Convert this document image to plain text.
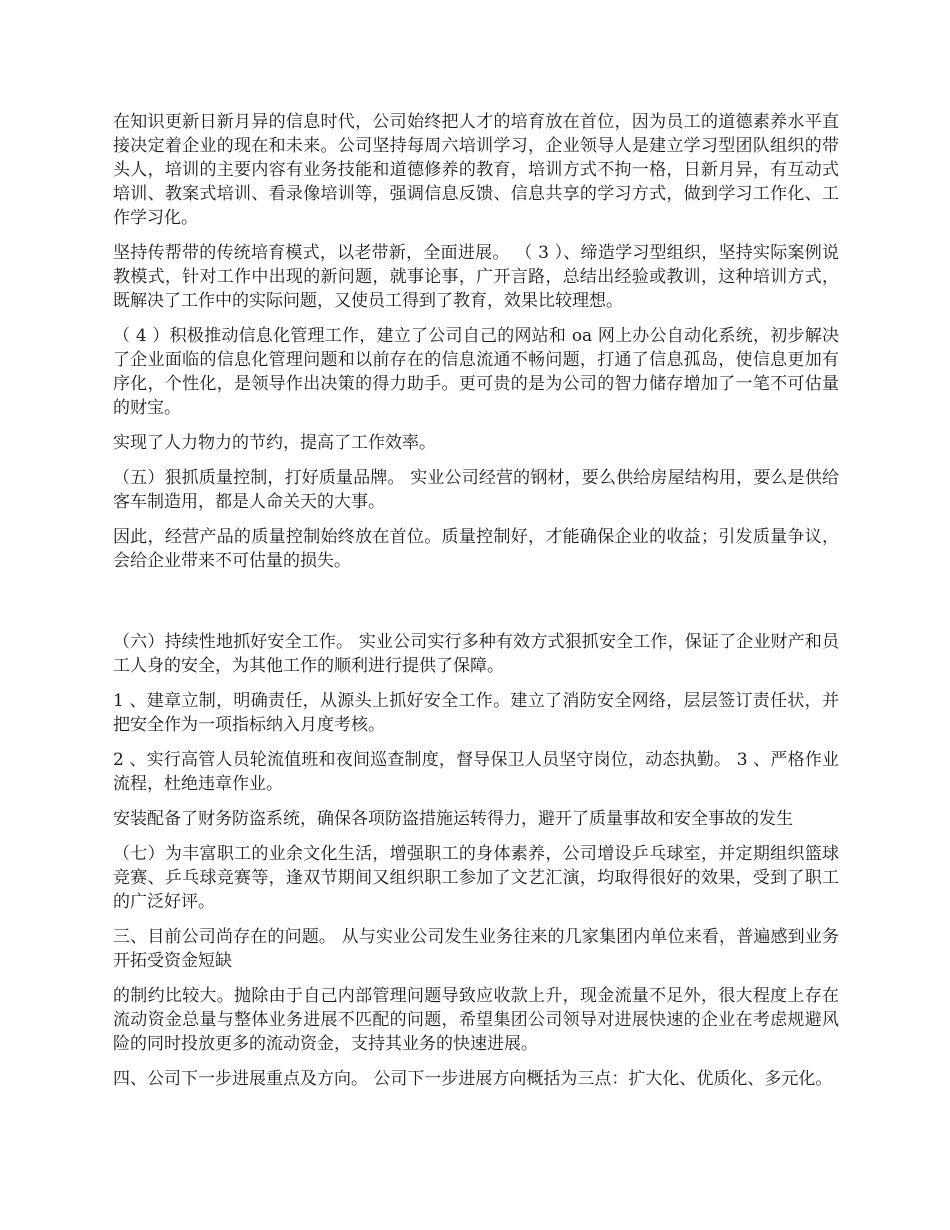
在知识更新日新月异的信息时代，公司始终把人才的培育放在首位，因为员工的道德素养水平直接决定着企业的现在和未来。公司坚持每周六培训学习，企业领导人是建立学习型团队组织的带头人，培训的主要内容有业务技能和道德修养的教育，培训方式不拘一格，日新月异，有互动式培训、教案式培训、看录像培训等，强调信息反馈、信息共享的学习方式，做到学习工作化、工作学习化。

坚持传帮带的传统培育模式，以老带新，全面进展。 （ 3 ）、缔造学习型组织，坚持实际案例说教模式，针对工作中出现的新问题，就事论事，广开言路，总结出经验或教训，这种培训方式，既解决了工作中的实际问题，又使员工得到了教育，效果比较理想。

（ 4 ）积极推动信息化管理工作，建立了公司自己的网站和 oa 网上办公自动化系统，初步解决了企业面临的信息化管理问题和以前存在的信息流通不畅问题，打通了信息孤岛，使信息更加有序化，个性化，是领导作出决策的得力助手。更可贵的是为公司的智力储存增加了一笔不可估量的财宝。

实现了人力物力的节约，提高了工作效率。

（五）狠抓质量控制，打好质量品牌。 实业公司经营的钢材，要么供给房屋结构用，要么是供给客车制造用，都是人命关天的大事。

因此，经营产品的质量控制始终放在首位。质量控制好，才能确保企业的收益；引发质量争议，会给企业带来不可估量的损失。

（六）持续性地抓好安全工作。 实业公司实行多种有效方式狠抓安全工作，保证了企业财产和员工人身的安全，为其他工作的顺利进行提供了保障。

1 、建章立制，明确责任，从源头上抓好安全工作。建立了消防安全网络，层层签订责任状，并把安全作为一项指标纳入月度考核。

2 、实行高管人员轮流值班和夜间巡查制度，督导保卫人员坚守岗位，动态执勤。 3 、严格作业流程，杜绝违章作业。

安装配备了财务防盗系统，确保各项防盗措施运转得力，避开了质量事故和安全事故的发生

（七）为丰富职工的业余文化生活，增强职工的身体素养，公司增设乒乓球室，并定期组织篮球竞赛、乒乓球竞赛等，逢双节期间又组织职工参加了文艺汇演，均取得很好的效果，受到了职工的广泛好评。

三、目前公司尚存在的问题。 从与实业公司发生业务往来的几家集团内单位来看，普遍感到业务开拓受资金短缺

的制约比较大。抛除由于自己内部管理问题导致应收款上升，现金流量不足外，很大程度上存在流动资金总量与整体业务进展不匹配的问题，希望集团公司领导对进展快速的企业在考虑规避风险的同时投放更多的流动资金，支持其业务的快速进展。

四、公司下一步进展重点及方向。 公司下一步进展方向概括为三点：扩大化、优质化、多元化。
